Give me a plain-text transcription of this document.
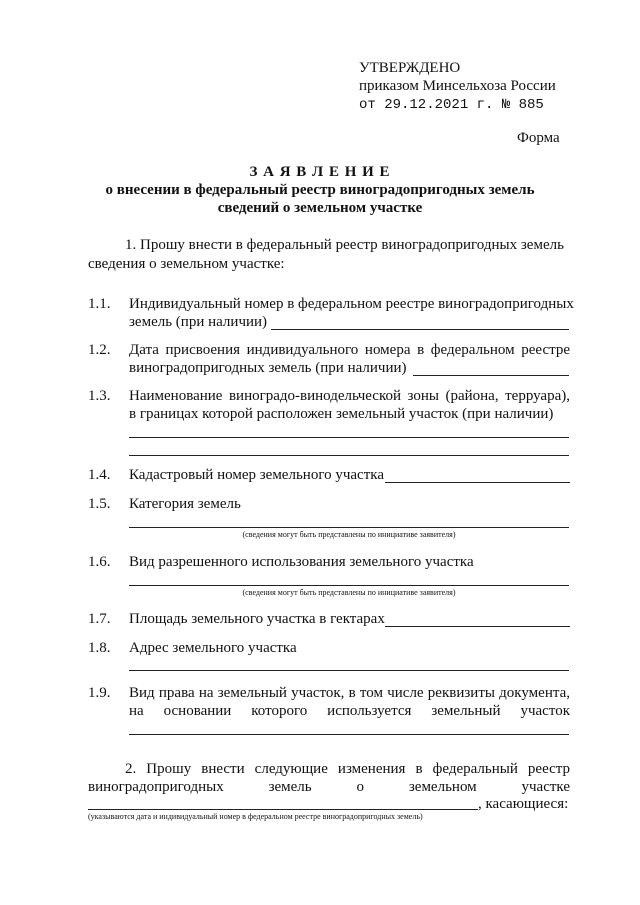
УТВЕРЖДЕНО
приказом Минсельхоза России
от 29.12.2021 г. № 885
Форма
З А Я В Л Е Н И Е
о внесении в федеральный реестр виноградопригодных земель
сведений о земельном участке
1. Прошу внести в федеральный реестр виноградопригодных земель
сведения о земельном участке:
1.1. Индивидуальный номер в федеральном реестре виноградопригодных
земель (при наличии)
1.2. Дата присвоения индивидуального номера в федеральном реестре
виноградопригодных земель (при наличии)
1.3. Наименование виноградо-винодельческой зоны (района, терруара),
в границах которой расположен земельный участок (при наличии)
1.4. Кадастровый номер земельного участка
1.5. Категория земель
(сведения могут быть представлены по инициативе заявителя)
1.6. Вид разрешенного использования земельного участка
(сведения могут быть представлены по инициативе заявителя)
1.7. Площадь земельного участка в гектарах
1.8. Адрес земельного участка
1.9. Вид права на земельный участок, в том числе реквизиты документа,
на основании которого используется земельный участок
2. Прошу внести следующие изменения в федеральный реестр
виноградопригодных земель о земельном участке
, касающиеся:
(указываются дата и индивидуальный номер в федеральном реестре виноградопригодных земель)
